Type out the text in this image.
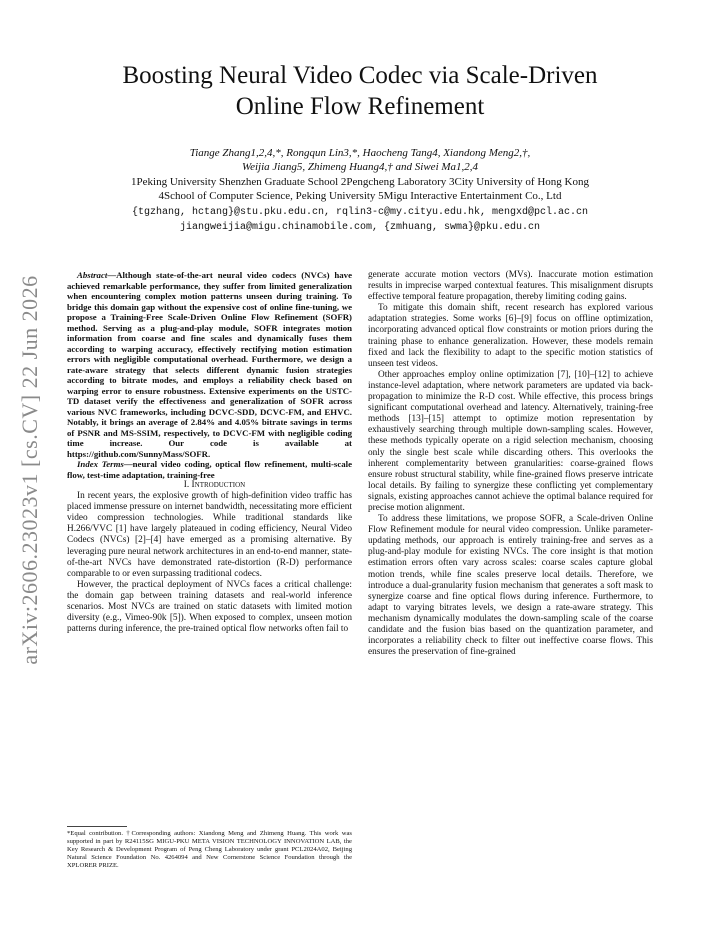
arXiv:2606.23023v1 [cs.CV] 22 Jun 2026
Boosting Neural Video Codec via Scale-Driven
Online Flow Refinement
Tiange Zhang1,2,4,*, Rongqun Lin3,*, Haocheng Tang4, Xiandong Meng2,†,
Weijia Jiang5, Zhimeng Huang4,† and Siwei Ma1,2,4
1Peking University Shenzhen Graduate School 2Pengcheng Laboratory 3City University of Hong Kong
4School of Computer Science, Peking University 5Migu Interactive Entertainment Co., Ltd
{tgzhang, hctang}@stu.pku.edu.cn, rqlin3-c@my.cityu.edu.hk, mengxd@pcl.ac.cn
jiangweijia@migu.chinamobile.com, {zmhuang, swma}@pku.edu.cn

Abstract—Although state-of-the-art neural video codecs (NVCs) have achieved remarkable performance, they suffer from limited generalization when encountering complex motion patterns unseen during training. To bridge this domain gap without the expensive cost of online fine-tuning, we propose a Training-Free Scale-Driven Online Flow Refinement (SOFR) method. Serving as a plug-and-play module, SOFR integrates motion information from coarse and fine scales and dynamically fuses them according to warping accuracy, effectively rectifying motion estimation errors with negligible computational overhead. Furthermore, we design a rate-aware strategy that selects different dynamic fusion strategies according to bitrate modes, and employs a reliability check based on warping error to ensure robustness. Extensive experiments on the USTC-TD dataset verify the effectiveness and generalization of SOFR across various NVC frameworks, including DCVC-SDD, DCVC-FM, and EHVC. Notably, it brings an average of 2.84% and 4.05% bitrate savings in terms of PSNR and MS-SSIM, respectively, to DCVC-FM with negligible coding time increase. Our code is available at https://github.com/SunnyMass/SOFR.

Index Terms—neural video coding, optical flow refinement, multi-scale flow, test-time adaptation, training-free

I. Introduction

In recent years, the explosive growth of high-definition video traffic has placed immense pressure on internet bandwidth, necessitating more efficient video compression technologies. While traditional standards like H.266/VVC [1] have largely plateaued in coding efficiency, Neural Video Codecs (NVCs) [2]–[4] have emerged as a promising alternative. By leveraging pure neural network architectures in an end-to-end manner, state-of-the-art NVCs have demonstrated rate-distortion (R-D) performance comparable to or even surpassing traditional codecs.

However, the practical deployment of NVCs faces a critical challenge: the domain gap between training datasets and real-world inference scenarios. Most NVCs are trained on static datasets with limited motion diversity (e.g., Vimeo-90k [5]). When exposed to complex, unseen motion patterns during inference, the pre-trained optical flow networks often fail to

generate accurate motion vectors (MVs). Inaccurate motion estimation results in imprecise warped contextual features. This misalignment disrupts effective temporal feature propagation, thereby limiting coding gains.

To mitigate this domain shift, recent research has explored various adaptation strategies. Some works [6]–[9] focus on offline optimization, incorporating advanced optical flow constraints or motion priors during the training phase to enhance generalization. However, these models remain fixed and lack the flexibility to adapt to the specific motion statistics of unseen test videos.

Other approaches employ online optimization [7], [10]–[12] to achieve instance-level adaptation, where network parameters are updated via back-propagation to minimize the R-D cost. While effective, this process brings significant computational overhead and latency. Alternatively, training-free methods [13]–[15] attempt to optimize motion representation by exhaustively searching through multiple down-sampling scales. However, these methods typically operate on a rigid selection mechanism, choosing only the single best scale while discarding others. This overlooks the inherent complementarity between granularities: coarse-grained flows ensure robust structural stability, while fine-grained flows preserve intricate local details. By failing to synergize these conflicting yet complementary signals, existing approaches cannot achieve the optimal balance required for precise motion alignment.

To address these limitations, we propose SOFR, a Scale-driven Online Flow Refinement module for neural video compression. Unlike parameter-updating methods, our approach is entirely training-free and serves as a plug-and-play module for existing NVCs. The core insight is that motion estimation errors often vary across scales: coarse scales capture global motion trends, while fine scales preserve local details. Therefore, we introduce a dual-granularity fusion mechanism that generates a soft mask to synergize coarse and fine optical flows during inference. Furthermore, to adapt to varying bitrates levels, we design a rate-aware strategy. This mechanism dynamically modulates the down-sampling scale of the coarse candidate and the fusion bias based on the quantization parameter, and incorporates a reliability check to filter out ineffective coarse flows. This ensures the preservation of fine-grained

*Equal contribution. †Corresponding authors: Xiandong Meng and Zhimeng Huang. This work was supported in part by R24115SG MIGU-PKU META VISION TECHNOLOGY INNOVATION LAB, the Key Research & Development Program of Peng Cheng Laboratory under grant PCL2024A02, Beijing Natural Science Foundation No. 4264094 and New Cornerstone Science Foundation through the XPLORER PRIZE.
